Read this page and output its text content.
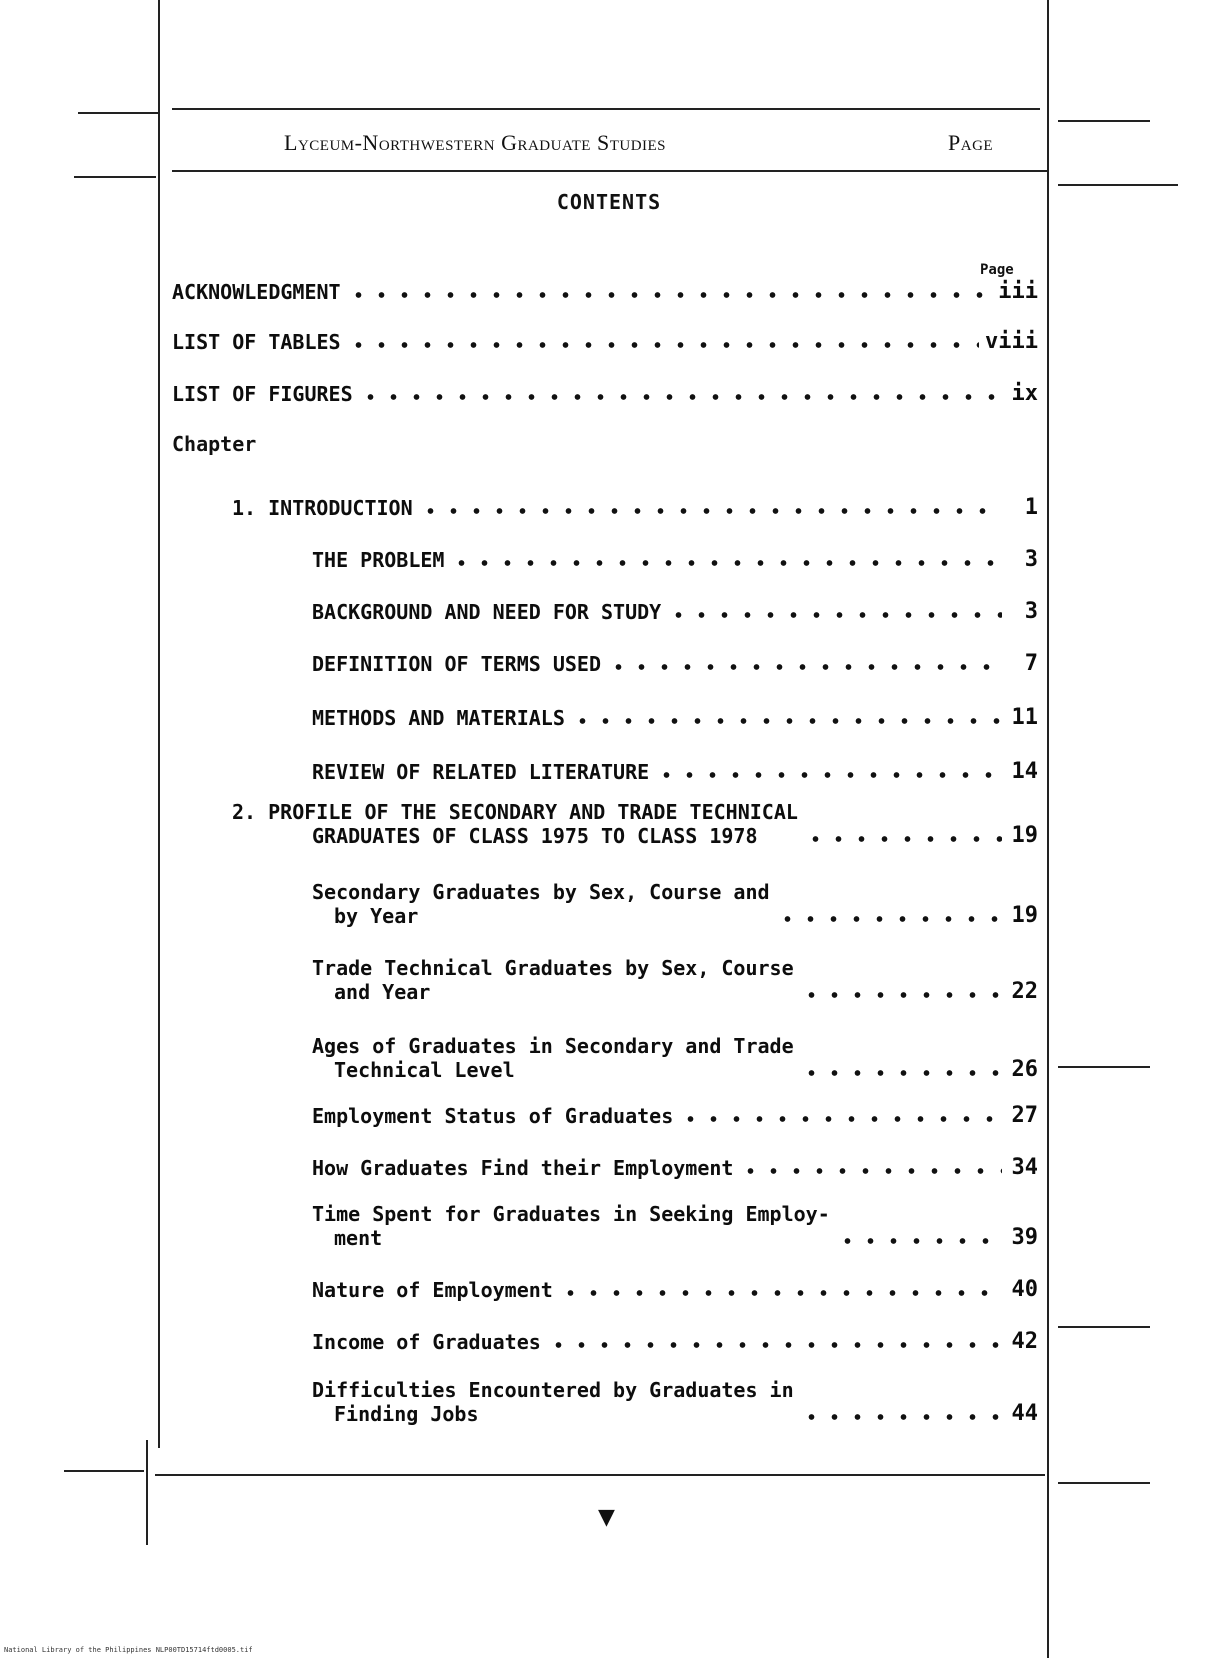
Lyceum-Northwestern Graduate Studies	Page
CONTENTS
Page
ACKNOWLEDGMENT	iii
LIST OF TABLES	viii
LIST OF FIGURES	ix
Chapter
1. INTRODUCTION	1
THE PROBLEM	3
BACKGROUND AND NEED FOR STUDY	3
DEFINITION OF TERMS USED	7
METHODS AND MATERIALS	11
REVIEW OF RELATED LITERATURE	14
2. PROFILE OF THE SECONDARY AND TRADE TECHNICAL
GRADUATES OF CLASS 1975 TO CLASS 1978	19
Secondary Graduates by Sex, Course and
by Year	19
Trade Technical Graduates by Sex, Course
and Year	22
Ages of Graduates in Secondary and Trade
Technical Level	26
Employment Status of Graduates	27
How Graduates Find their Employment	34
Time Spent for Graduates in Seeking Employ-
ment	39
Nature of Employment	40
Income of Graduates	42
Difficulties Encountered by Graduates in
Finding Jobs	44
▼
National Library of the Philippines NLP00TD15714ftd0005.tif
